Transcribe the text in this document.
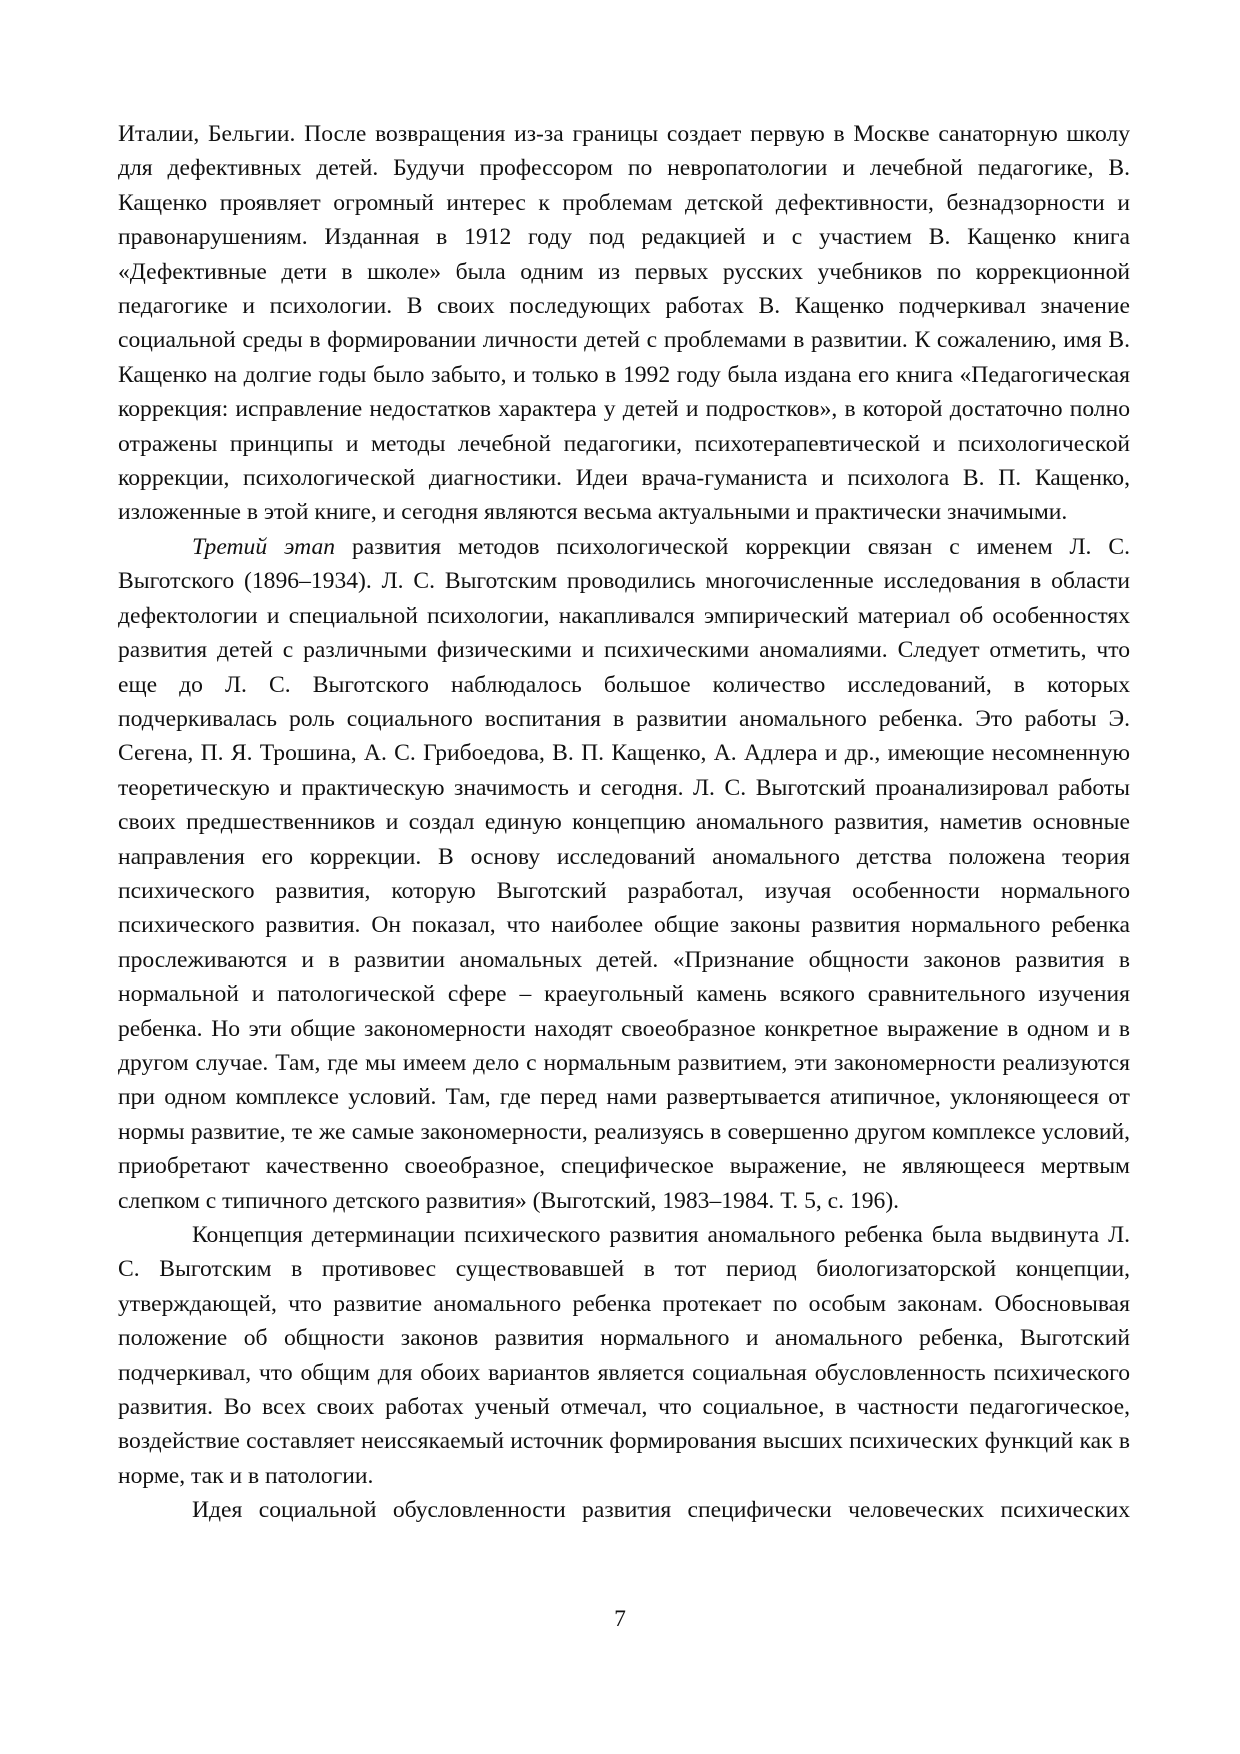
Италии, Бельгии. После возвращения из-за границы создает первую в Москве санаторную школу для дефективных детей. Будучи профессором по невропатологии и лечебной педагогике, В. Кащенко проявляет огромный интерес к проблемам детской дефективности, безнадзорности и правонарушениям. Изданная в 1912 году под редакцией и с участием В. Кащенко книга «Дефективные дети в школе» была одним из первых русских учебников по коррекционной педагогике и психологии. В своих последующих работах В. Кащенко подчеркивал значение социальной среды в формировании личности детей с проблемами в развитии. К сожалению, имя В. Кащенко на долгие годы было забыто, и только в 1992 году была издана его книга «Педагогическая коррекция: исправление недостатков характера у детей и подростков», в которой достаточно полно отражены принципы и методы лечебной педагогики, психотерапевтической и психологической коррекции, психологической диагностики. Идеи врача-гуманиста и психолога В. П. Кащенко, изложенные в этой книге, и сегодня являются весьма актуальными и практически значимыми.

Третий этап развития методов психологической коррекции связан с именем Л. С. Выготского (1896–1934). Л. С. Выготским проводились многочисленные исследования в области дефектологии и специальной психологии, накапливался эмпирический материал об особенностях развития детей с различными физическими и психическими аномалиями. Следует отметить, что еще до Л. С. Выготского наблюдалось большое количество исследований, в которых подчеркивалась роль социального воспитания в развитии аномального ребенка. Это работы Э. Сегена, П. Я. Трошина, А. С. Грибоедова, В. П. Кащенко, А. Адлера и др., имеющие несомненную теоретическую и практическую значимость и сегодня. Л. С. Выготский проанализировал работы своих предшественников и создал единую концепцию аномального развития, наметив основные направления его коррекции. В основу исследований аномального детства положена теория психического развития, которую Выготский разработал, изучая особенности нормального психического развития. Он показал, что наиболее общие законы развития нормального ребенка прослеживаются и в развитии аномальных детей. «Признание общности законов развития в нормальной и патологической сфере – краеугольный камень всякого сравнительного изучения ребенка. Но эти общие закономерности находят своеобразное конкретное выражение в одном и в другом случае. Там, где мы имеем дело с нормальным развитием, эти закономерности реализуются при одном комплексе условий. Там, где перед нами развертывается атипичное, уклоняющееся от нормы развитие, те же самые закономерности, реализуясь в совершенно другом комплексе условий, приобретают качественно своеобразное, специфическое выражение, не являющееся мертвым слепком с типичного детского развития» (Выготский, 1983–1984. Т. 5, с. 196).

Концепция детерминации психического развития аномального ребенка была выдвинута Л. С. Выготским в противовес существовавшей в тот период биологизаторской концепции, утверждающей, что развитие аномального ребенка протекает по особым законам. Обосновывая положение об общности законов развития нормального и аномального ребенка, Выготский подчеркивал, что общим для обоих вариантов является социальная обусловленность психического развития. Во всех своих работах ученый отмечал, что социальное, в частности педагогическое, воздействие составляет неиссякаемый источник формирования высших психических функций как в норме, так и в патологии.

Идея социальной обусловленности развития специфически человеческих психических

7
